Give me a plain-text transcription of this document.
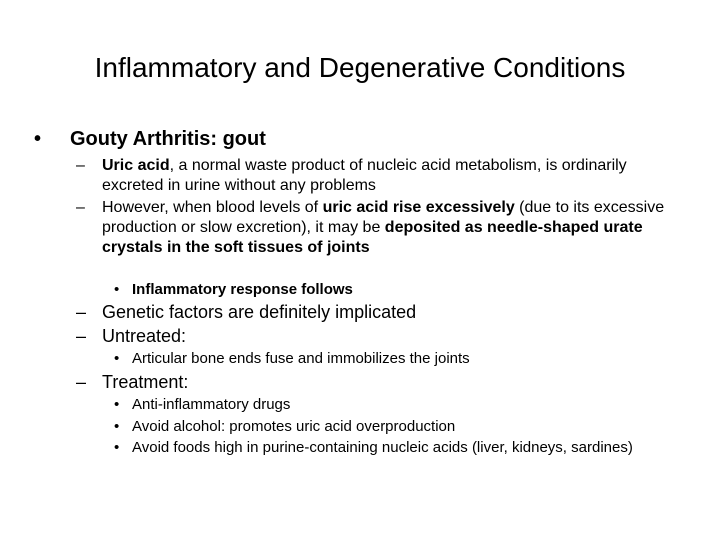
Inflammatory and Degenerative Conditions
• Gouty Arthritis: gout
– Uric acid, a normal waste product of nucleic acid metabolism, is ordinarily excreted in urine without any problems
– However, when blood levels of uric acid rise excessively (due to its excessive production or slow excretion), it may be deposited as needle-shaped urate crystals in the soft tissues of joints
• Inflammatory response follows
– Genetic factors are definitely implicated
– Untreated:
• Articular bone ends fuse and immobilizes the joints
– Treatment:
• Anti-inflammatory drugs
• Avoid alcohol: promotes uric acid overproduction
• Avoid foods high in purine-containing nucleic acids (liver, kidneys, sardines)
